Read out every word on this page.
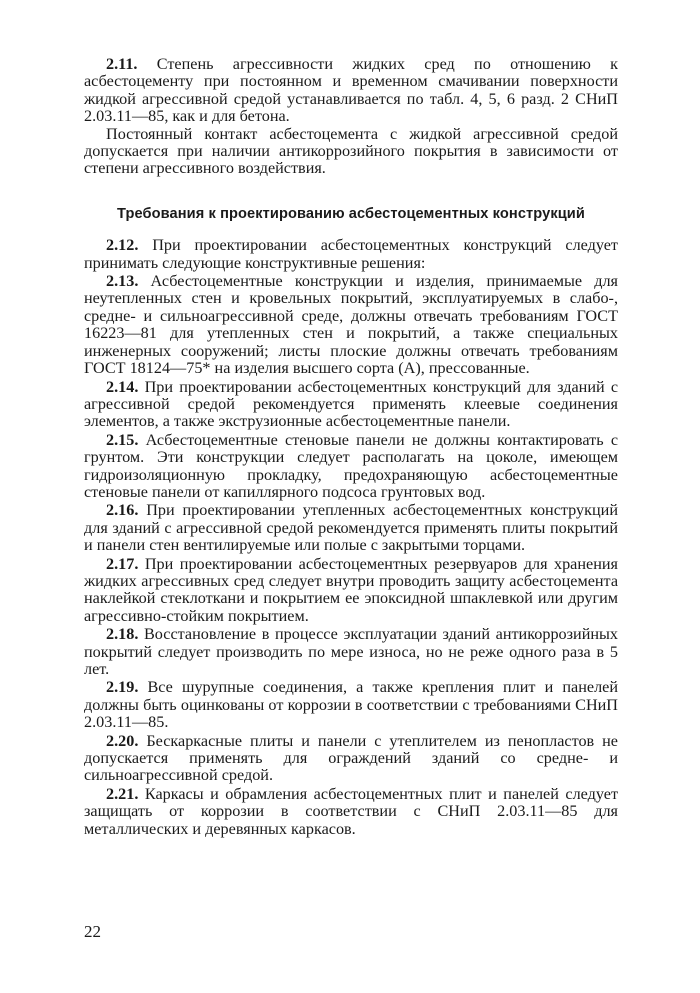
2.11. Степень агрессивности жидких сред по отношению к асбестоцементу при постоянном и временном смачивании поверхности жидкой агрессивной средой устанавливается по табл. 4, 5, 6 разд. 2 СНиП 2.03.11—85, как и для бетона.

Постоянный контакт асбестоцемента с жидкой агрессивной средой допускается при наличии антикоррозийного покрытия в зависимости от степени агрессивного воздействия.

Требования к проектированию асбестоцементных конструкций

2.12. При проектировании асбестоцементных конструкций следует принимать следующие конструктивные решения:

2.13. Асбестоцементные конструкции и изделия, принимаемые для неутепленных стен и кровельных покрытий, эксплуатируемых в слабо-, средне- и сильноагрессивной среде, должны отвечать требованиям ГОСТ 16223—81 для утепленных стен и покрытий, а также специальных инженерных сооружений; листы плоские должны отвечать требованиям ГОСТ 18124—75* на изделия высшего сорта (А), прессованные.

2.14. При проектировании асбестоцементных конструкций для зданий с агрессивной средой рекомендуется применять клеевые соединения элементов, а также экструзионные асбестоцементные панели.

2.15. Асбестоцементные стеновые панели не должны контактировать с грунтом. Эти конструкции следует располагать на цоколе, имеющем гидроизоляционную прокладку, предохраняющую асбестоцементные стеновые панели от капиллярного подсоса грунтовых вод.

2.16. При проектировании утепленных асбестоцементных конструкций для зданий с агрессивной средой рекомендуется применять плиты покрытий и панели стен вентилируемые или полые с закрытыми торцами.

2.17. При проектировании асбестоцементных резервуаров для хранения жидких агрессивных сред следует внутри проводить защиту асбестоцемента наклейкой стеклоткани и покрытием ее эпоксидной шпаклевкой или другим агрессивно-стойким покрытием.

2.18. Восстановление в процессе эксплуатации зданий антикоррозийных покрытий следует производить по мере износа, но не реже одного раза в 5 лет.

2.19. Все шурупные соединения, а также крепления плит и панелей должны быть оцинкованы от коррозии в соответствии с требованиями СНиП 2.03.11—85.

2.20. Бескаркасные плиты и панели с утеплителем из пенопластов не допускается применять для ограждений зданий со средне- и сильноагрессивной средой.

2.21. Каркасы и обрамления асбестоцементных плит и панелей следует защищать от коррозии в соответствии с СНиП 2.03.11—85 для металлических и деревянных каркасов.

22
